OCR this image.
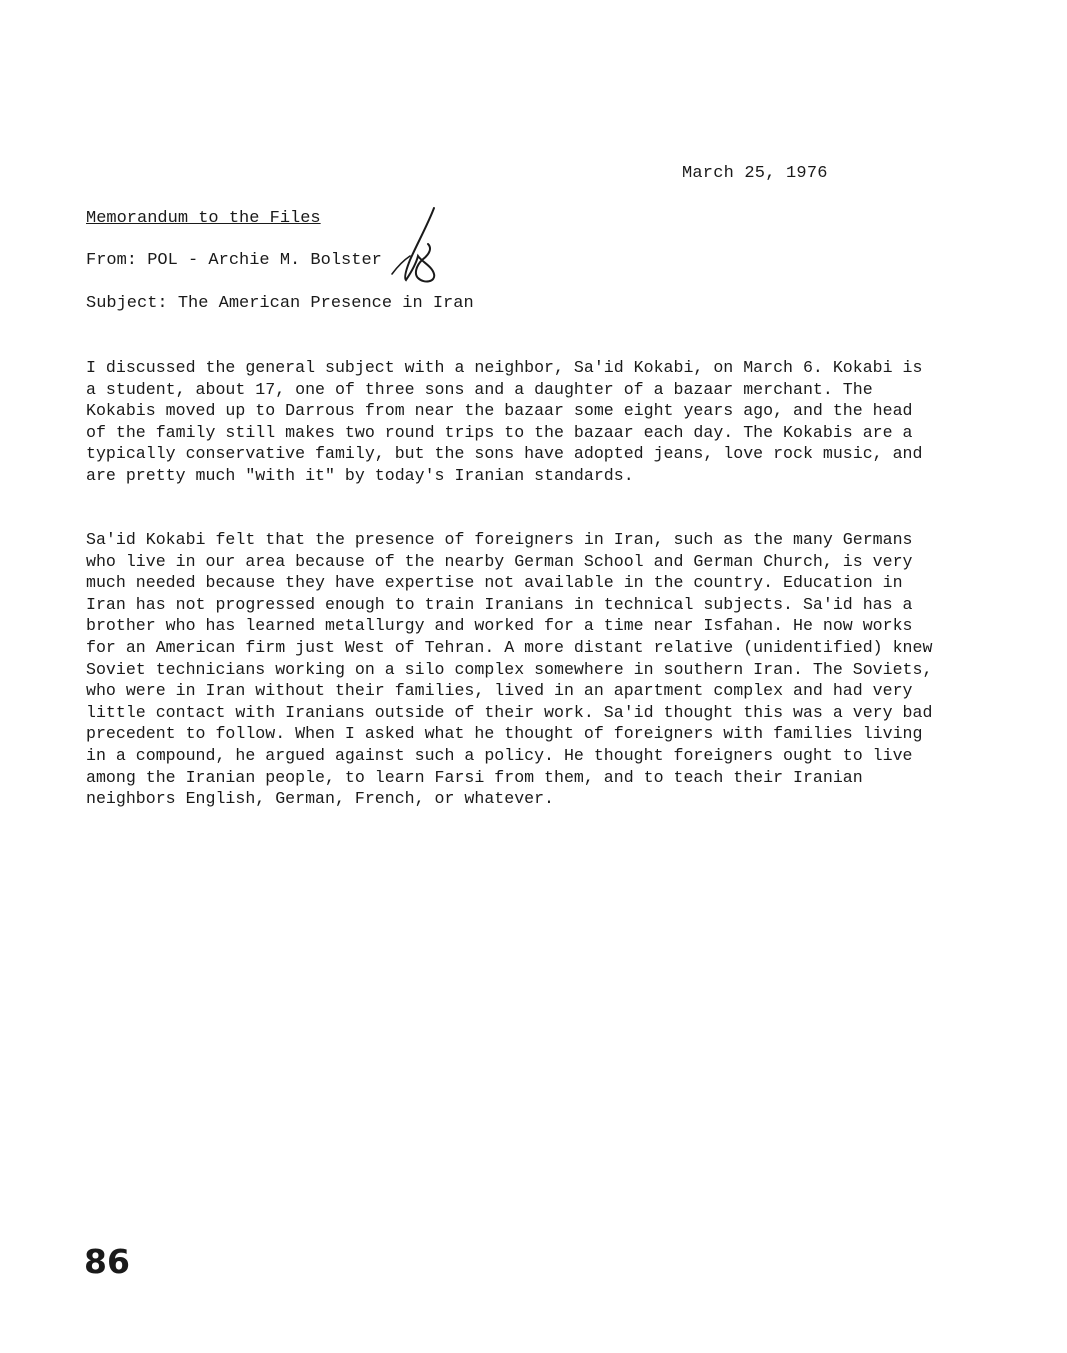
March 25, 1976
Memorandum to the Files
From: POL - Archie M. Bolster
Subject: The American Presence in Iran

I discussed the general subject with a neighbor, Sa'id Kokabi, on March 6. Kokabi is a student, about 17, one of three sons and a daughter of a bazaar merchant. The Kokabis moved up to Darrous from near the bazaar some eight years ago, and the head of the family still makes two round trips to the bazaar each day. The Kokabis are a typically conservative family, but the sons have adopted jeans, love rock music, and are pretty much "with it" by today's Iranian standards.

Sa'id Kokabi felt that the presence of foreigners in Iran, such as the many Germans who live in our area because of the nearby German School and German Church, is very much needed because they have expertise not available in the country. Education in Iran has not progressed enough to train Iranians in technical subjects. Sa'id has a brother who has learned metallurgy and worked for a time near Isfahan. He now works for an American firm just West of Tehran. A more distant relative (unidentified) knew Soviet technicians working on a silo complex somewhere in southern Iran. The Soviets, who were in Iran without their families, lived in an apartment complex and had very little contact with Iranians outside of their work. Sa'id thought this was a very bad precedent to follow. When I asked what he thought of foreigners with families living in a compound, he argued against such a policy. He thought foreigners ought to live among the Iranian people, to learn Farsi from them, and to teach their Iranian neighbors English, German, French, or whatever.

86
